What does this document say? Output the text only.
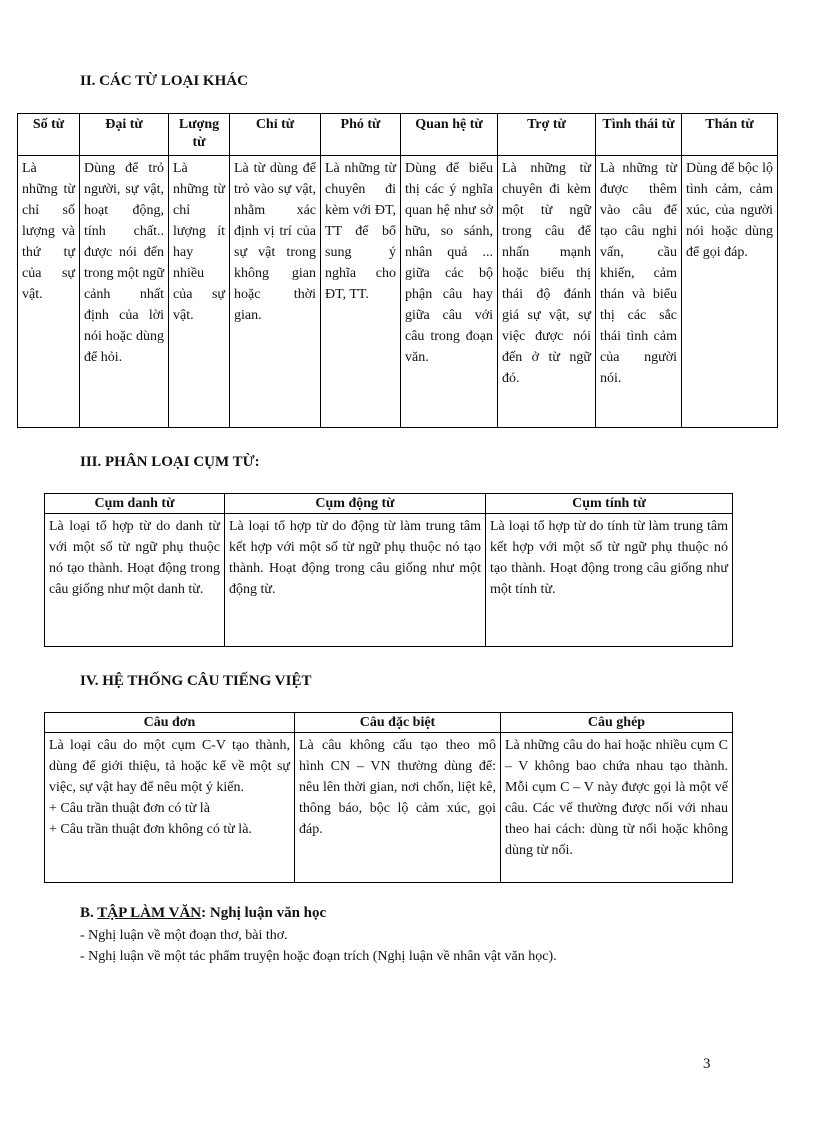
II. CÁC TỪ LOẠI KHÁC
Số từ	Đại từ	Lượng từ	Chỉ từ	Phó từ	Quan hệ từ	Trợ từ	Tình thái từ	Thán từ
Là những từ chỉ số lượng và thứ tự của sự vật.	Dùng để trỏ người, sự vật, hoạt động, tính chất.. được nói đến trong một ngữ cảnh nhất định của lời nói hoặc dùng để hỏi.	Là những từ chỉ lượng ít hay nhiều của sự vật.	Là từ dùng để trỏ vào sự vật, nhằm xác định vị trí của sự vật trong không gian hoặc thời gian.	Là những từ chuyên đi kèm với ĐT, TT để bổ sung ý nghĩa cho ĐT, TT.	Dùng để biểu thị các ý nghĩa quan hệ như sở hữu, so sánh, nhân quả ... giữa các bộ phận câu hay giữa câu với câu trong đoạn văn.	Là những từ chuyên đi kèm một từ ngữ trong câu để nhấn mạnh hoặc biểu thị thái độ đánh giá sự vật, sự việc được nói đến ở từ ngữ đó.	Là những từ được thêm vào câu để tạo câu nghi vấn, cầu khiến, cảm thán và biểu thị các sắc thái tình cảm của người nói.	Dùng để bộc lộ tình cảm, cảm xúc, của người nói hoặc dùng để gọi đáp.
III. PHÂN LOẠI CỤM TỪ:
Cụm danh từ	Cụm động từ	Cụm tính từ
Là loại tổ hợp từ do danh từ với một số từ ngữ phụ thuộc nó tạo thành. Hoạt động trong câu giống như một danh từ.	Là loại tổ hợp từ do động từ làm trung tâm kết hợp với một số từ ngữ phụ thuộc nó tạo thành. Hoạt động trong câu giống như một động từ.	Là loại tổ hợp từ do tính từ làm trung tâm kết hợp với một số từ ngữ phụ thuộc nó tạo thành. Hoạt động trong câu giống như một tính từ.
IV. HỆ THỐNG CÂU TIẾNG VIỆT
Câu đơn	Câu đặc biệt	Câu ghép

Là loại câu do một cụm C-V tạo thành, dùng để giới thiệu, tả hoặc kể về một sự việc, sự vật hay để nêu một ý kiến.
+ Câu trần thuật đơn có từ là
+ Câu trần thuật đơn không có từ là.	Là câu không cấu tạo theo mô hình CN – VN thường dùng để: nêu lên thời gian, nơi chốn, liệt kê, thông báo, bộc lộ cảm xúc, gọi đáp.	Là những câu do hai hoặc nhiều cụm C – V không bao chứa nhau tạo thành. Mỗi cụm C – V này được gọi là một vế câu. Các vế thường được nối với nhau theo hai cách: dùng từ nối hoặc không dùng từ nối.
B. TẬP LÀM VĂN: Nghị luận văn học
- Nghị luận về một đoạn thơ, bài thơ.
- Nghị luận về một tác phẩm truyện hoặc đoạn trích (Nghị luận về nhân vật văn học).
3
